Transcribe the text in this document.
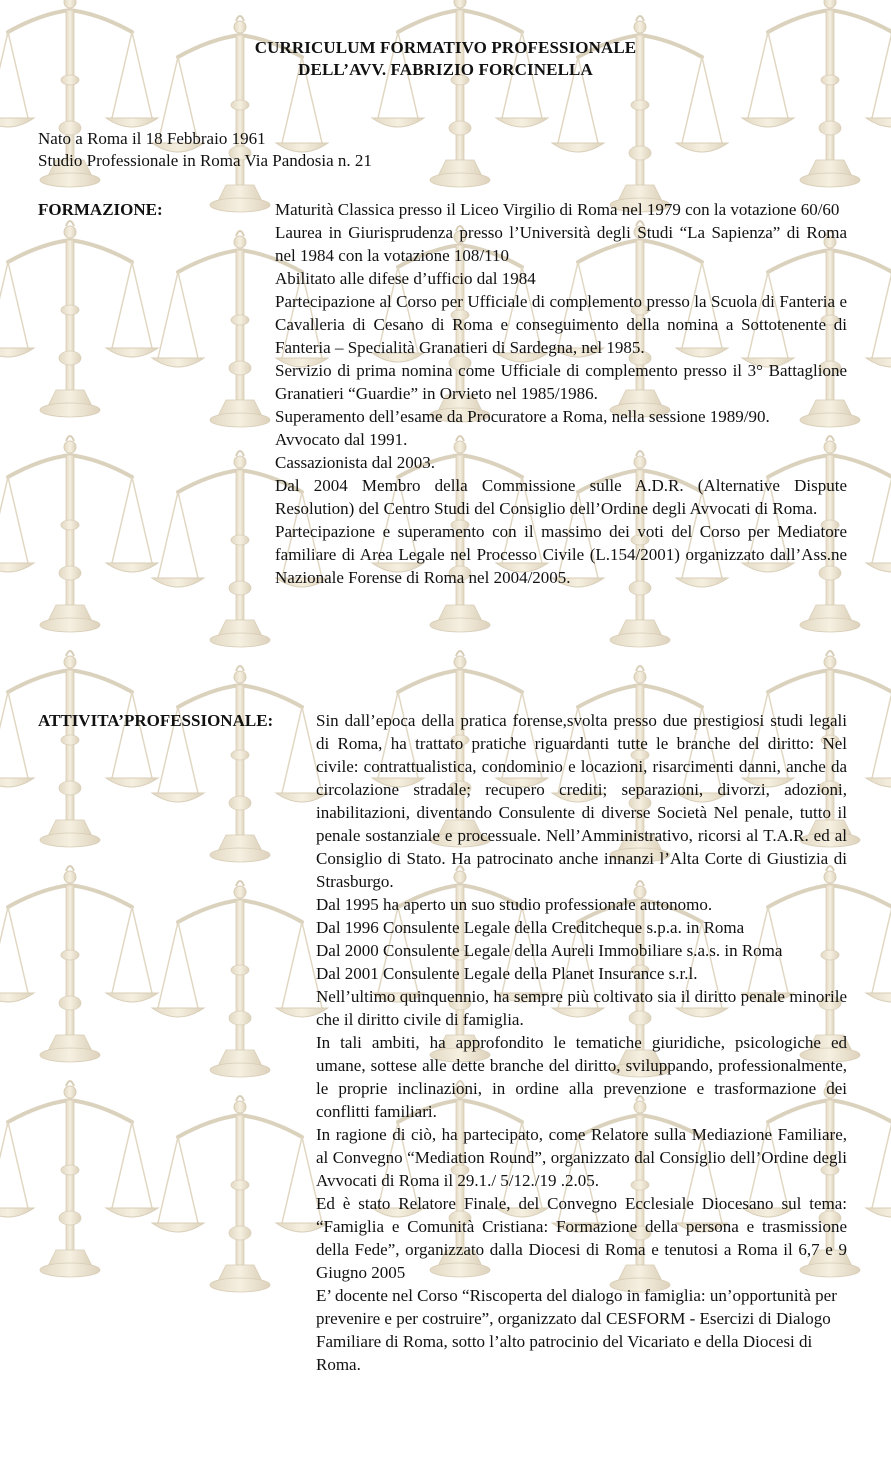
CURRICULUM FORMATIVO PROFESSIONALE
DELL’AVV. FABRIZIO FORCINELLA
Nato a Roma il 18 Febbraio 1961
Studio Professionale in Roma Via Pandosia n. 21
FORMAZIONE:	Maturità Classica presso il Liceo Virgilio di Roma nel 1979 con la votazione 60/60

Laurea in Giurisprudenza presso l’Università degli Studi “La Sapienza” di Roma nel 1984 con la votazione 108/110

Abilitato alle difese d’ufficio dal 1984

Partecipazione al Corso per Ufficiale di complemento presso la Scuola di Fanteria e Cavalleria di Cesano di Roma e conseguimento della nomina a Sottotenente di Fanteria – Specialità Granatieri di Sardegna, nel 1985.

Servizio di prima nomina come Ufficiale di complemento presso il 3° Battaglione Granatieri “Guardie” in Orvieto nel 1985/1986.

Superamento dell’esame da Procuratore a Roma, nella sessione 1989/90.

Avvocato dal 1991.

Cassazionista dal 2003.

Dal 2004 Membro della Commissione sulle A.D.R. (Alternative Dispute Resolution) del Centro Studi del Consiglio dell’Ordine degli Avvocati di Roma.

Partecipazione e superamento con il massimo dei voti del Corso per Mediatore familiare di Area Legale nel Processo Civile (L.154/2001) organizzato dall’Ass.ne Nazionale Forense di Roma nel 2004/2005.

ATTIVITA’PROFESSIONALE:	Sin dall’epoca della pratica forense,svolta presso due prestigiosi studi legali di Roma, ha trattato pratiche riguardanti tutte le branche del diritto: Nel civile: contrattualistica, condominio e locazioni, risarcimenti danni, anche da circolazione stradale; recupero crediti; separazioni, divorzi, adozioni, inabilitazioni, diventando Consulente di diverse Società Nel penale, tutto il penale sostanziale e processuale. Nell’Amministrativo, ricorsi al T.A.R. ed al Consiglio di Stato. Ha patrocinato anche innanzi l’Alta Corte di Giustizia di Strasburgo.

Dal 1995 ha aperto un suo studio professionale autonomo.

Dal 1996 Consulente Legale della Creditcheque s.p.a. in Roma

Dal 2000 Consulente Legale della Aureli Immobiliare s.a.s. in Roma

Dal 2001 Consulente Legale della Planet Insurance s.r.l.

Nell’ultimo quinquennio, ha sempre più coltivato sia il diritto penale minorile che il diritto civile di famiglia.

In tali ambiti, ha approfondito le tematiche giuridiche, psicologiche ed umane, sottese alle dette branche del diritto, sviluppando, professionalmente, le proprie inclinazioni, in ordine alla prevenzione e trasformazione dei conflitti familiari.

In ragione di ciò, ha partecipato, come Relatore sulla Mediazione Familiare, al Convegno “Mediation Round”, organizzato dal Consiglio dell’Ordine degli Avvocati di Roma il 29.1./ 5/12./19 .2.05.

Ed è stato Relatore Finale, del Convegno Ecclesiale Diocesano sul tema: “Famiglia e Comunità Cristiana: Formazione della persona e trasmissione della Fede”, organizzato dalla Diocesi di Roma e tenutosi a Roma il 6,7 e 9 Giugno 2005

E’ docente nel Corso “Riscoperta del dialogo in famiglia: un’opportunità per prevenire e per costruire”, organizzato dal CESFORM - Esercizi di Dialogo Familiare di Roma, sotto l’alto patrocinio del Vicariato e della Diocesi di Roma.
